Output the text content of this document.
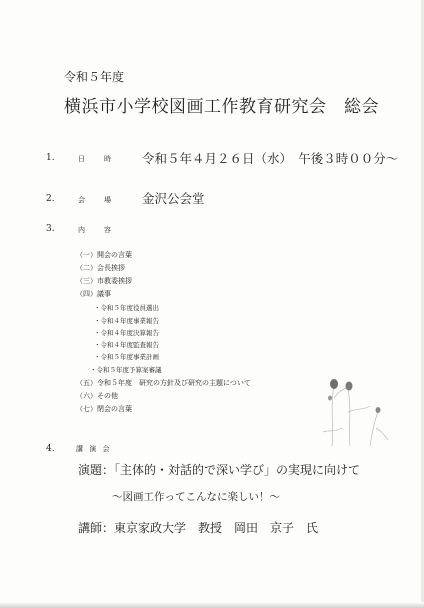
令和５年度
横浜市小学校図画工作教育研究会　総会
1.	日　時 令和５年４月２６日（水）　午後３時００分～
2.	会　場 金沢公会堂
3.	内　容
（一）開会の言葉
（二）会長挨拶
（三）市教委挨拶
（四）議事
・令和５年度役員選出
・令和４年度事業報告
・令和４年度決算報告
・令和４年度監査報告
・令和５年度事業計画
・令和５年度予算案審議
（五）令和５年度　研究の方針及び研究の主題について
（六）その他
（七）閉会の言葉
4.	講 演 会
演題：「主体的・対話的で深い学び」の実現に向けて
～図画工作ってこんなに楽しい！～
講師：東京家政大学　教授　岡田　京子　氏
